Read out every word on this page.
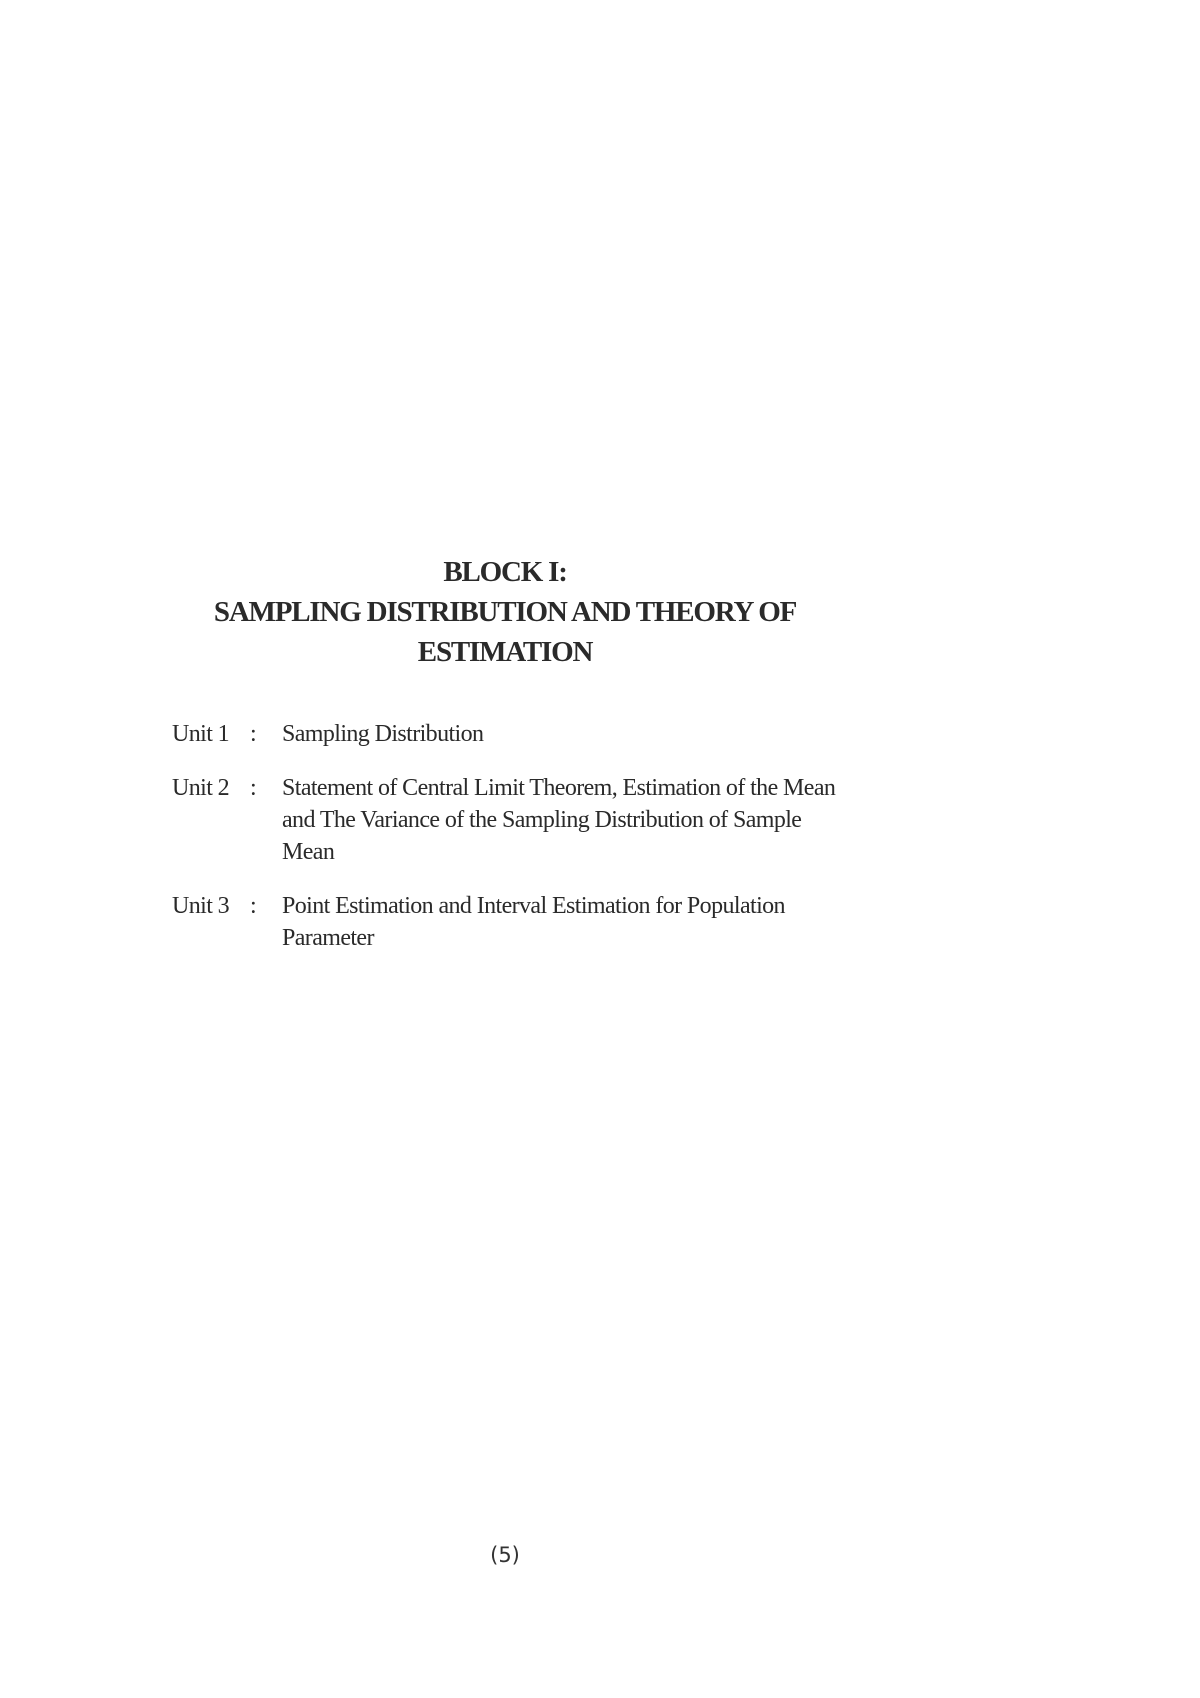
BLOCK I:
SAMPLING DISTRIBUTION AND THEORY OF
ESTIMATION
Unit 1 :	Sampling Distribution
Unit 2 :	Statement of Central Limit Theorem, Estimation of the Mean and The Variance of the Sampling Distribution of Sample Mean
Unit 3 :	Point Estimation and Interval Estimation for Population Parameter
(5)
